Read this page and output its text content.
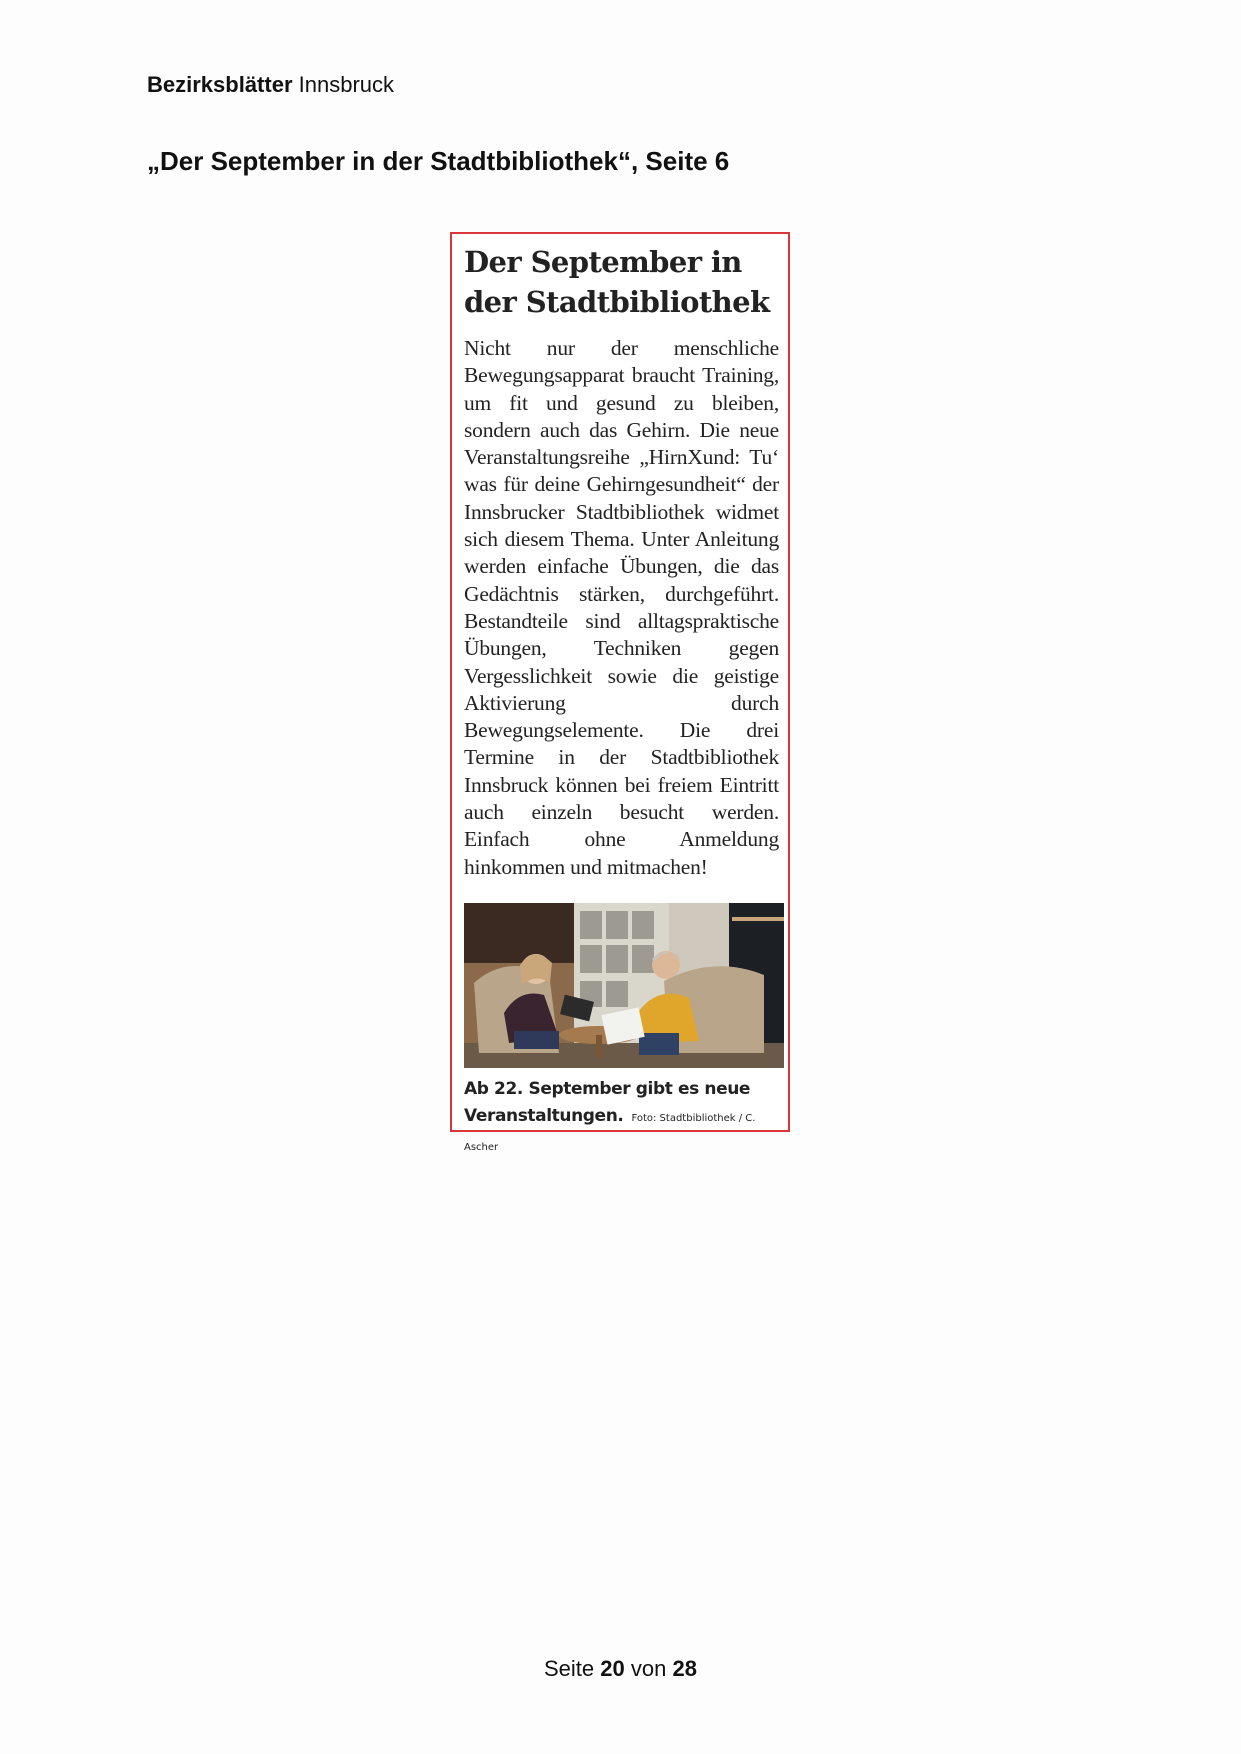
Bezirksblätter Innsbruck
„Der September in der Stadtbibliothek“, Seite 6
Der September in der Stadtbibliothek

Nicht nur der menschliche Bewegungsapparat braucht Training, um fit und gesund zu bleiben, sondern auch das Gehirn. Die neue Veranstaltungsreihe „HirnXund: Tu‘ was für deine Gehirngesundheit“ der Innsbrucker Stadtbibliothek widmet sich diesem Thema. Unter Anleitung werden einfache Übungen, die das Gedächtnis stärken, durchgeführt. Bestandteile sind alltagspraktische Übungen, Techniken gegen Vergesslichkeit sowie die geistige Aktivierung durch Bewegungselemente. Die drei Termine in der Stadtbibliothek Innsbruck können bei freiem Eintritt auch einzeln besucht werden. Einfach ohne Anmeldung hinkommen und mitmachen!

Ab 22. September gibt es neue Veranstaltungen. Foto: Stadtbibliothek / C. Ascher
Seite 20 von 28
